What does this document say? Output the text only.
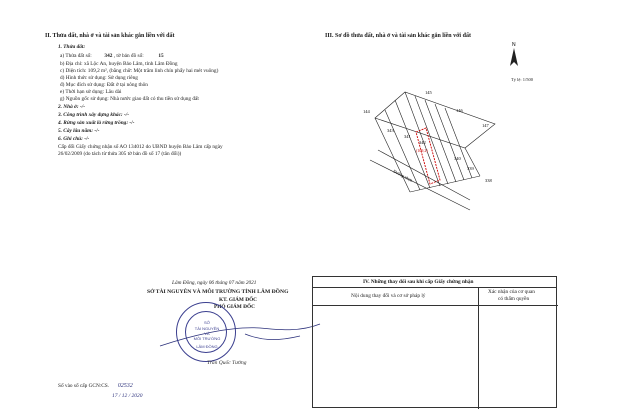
II. Thửa đất, nhà ở và tài sản khác gắn liền với đất
1. Thửa đất:
a) Thửa đất số: 342 , tờ bản đồ số:	15
b) Địa chỉ: xã Lộc An, huyện Bảo Lâm, tỉnh Lâm Đồng
c) Diện tích: 109,2 m², (bằng chữ: Một trăm linh chín phẩy hai mét vuông)
d) Hình thức sử dụng: Sử dụng riêng
đ) Mục đích sử dụng: Đất ở tại nông thôn
e) Thời hạn sử dụng: Lâu dài
g) Nguồn gốc sử dụng: Nhà nước giao đất có thu tiền sử dụng đất
2. Nhà ở: -/-
3. Công trình xây dựng khác: -/-
4. Rừng sản xuất là rừng trồng: -/-
5. Cây lâu năm: -/-
6. Ghi chú: -/-
Cấp đổi Giấy chứng nhận số AO 134012 do UBND huyện Bảo Lâm cấp ngày
26/02/2009 (do tách từ thửa 305 tờ bản đồ số 17 (tân đổi))
III. Sơ đồ thửa đất, nhà ở và tài sản khác gắn liền với đất
N
Tỷ lệ: 1/500
Đường nhựa
145
144	146
147
343
341
342
(109,2)
340
339
338
Lâm Đồng, ngày 06 tháng 07 năm 2021
SỞ TÀI NGUYÊN VÀ MÔI TRƯỜNG TỈNH LÂM ĐỒNG
KT. GIÁM ĐỐC
PHÓ GIÁM ĐỐC
SỞ
TÀI NGUYÊN
VÀ
MÔI TRƯỜNG
LÂM ĐỒNG
Trần Quốc Tưởng
Số vào sổ cấp GCN:CS. 02532
17 / 12 / 2020
IV. Những thay đổi sau khi cấp Giấy chứng nhận
Nội dung thay đổi và cơ sở pháp lý
Xác nhận của cơ quan
có thẩm quyền
